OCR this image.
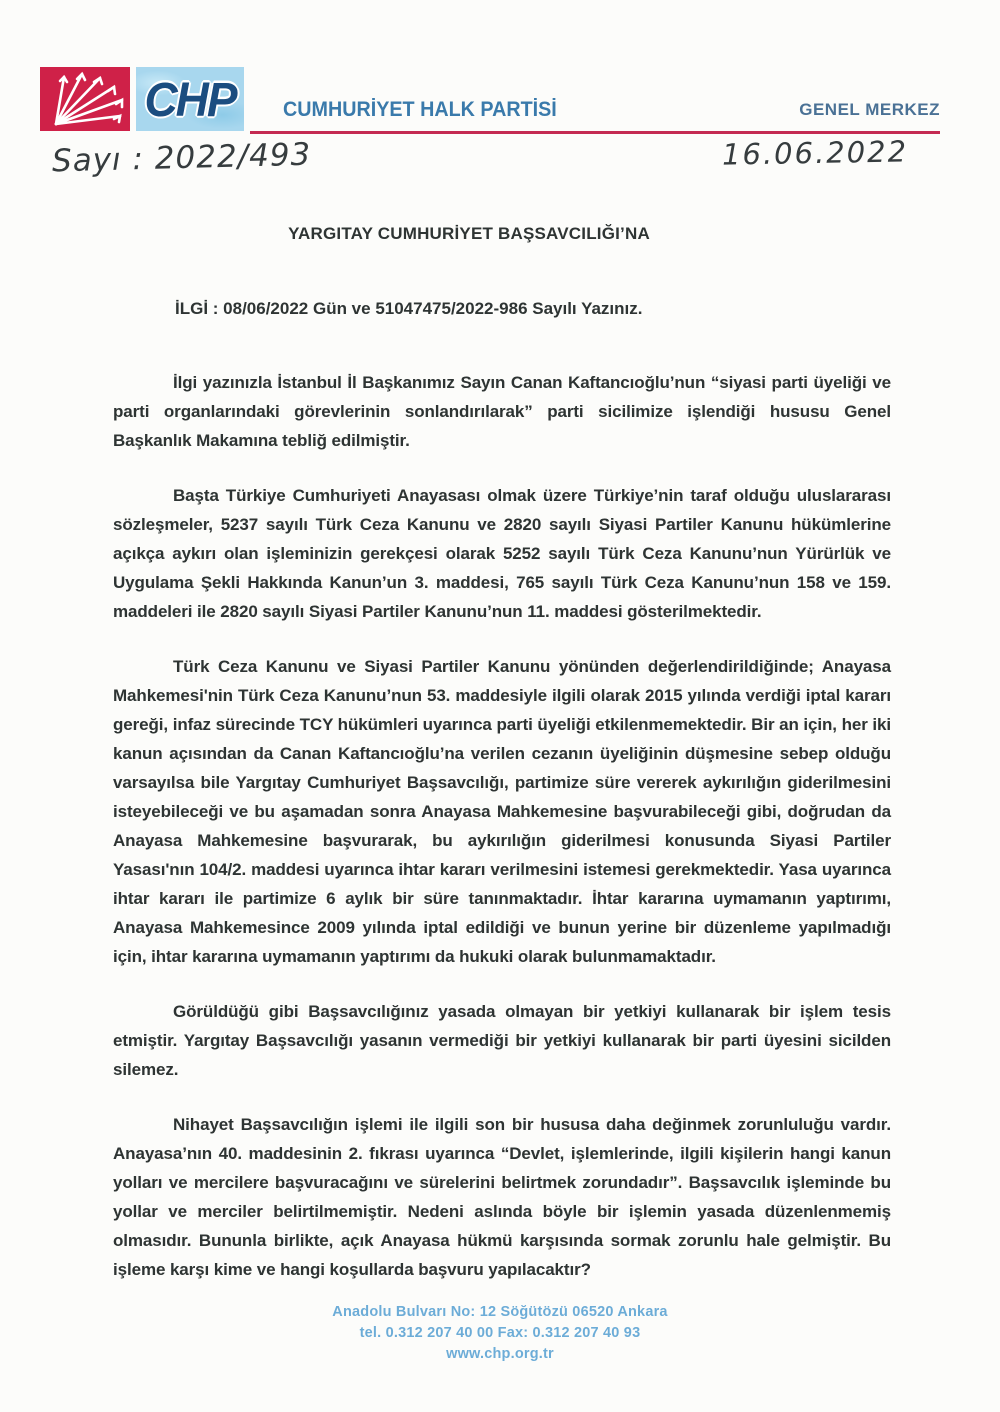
CHP CUMHURİYET HALK PARTİSİ	GENEL MERKEZ
Sayı : 2022/493	16.06.2022
YARGITAY CUMHURİYET BAŞSAVCILIĞI’NA
İLGİ : 08/06/2022 Gün ve 51047475/2022-986 Sayılı Yazınız.

İlgi yazınızla İstanbul İl Başkanımız Sayın Canan Kaftancıoğlu’nun “siyasi parti üyeliği ve parti organlarındaki görevlerinin sonlandırılarak” parti sicilimize işlendiği hususu Genel Başkanlık Makamına tebliğ edilmiştir.

Başta Türkiye Cumhuriyeti Anayasası olmak üzere Türkiye’nin taraf olduğu uluslararası sözleşmeler, 5237 sayılı Türk Ceza Kanunu ve 2820 sayılı Siyasi Partiler Kanunu hükümlerine açıkça aykırı olan işleminizin gerekçesi olarak 5252 sayılı Türk Ceza Kanunu’nun Yürürlük ve Uygulama Şekli Hakkında Kanun’un 3. maddesi, 765 sayılı Türk Ceza Kanunu’nun 158 ve 159. maddeleri ile 2820 sayılı Siyasi Partiler Kanunu’nun 11. maddesi gösterilmektedir.

Türk Ceza Kanunu ve Siyasi Partiler Kanunu yönünden değerlendirildiğinde; Anayasa Mahkemesi'nin Türk Ceza Kanunu’nun 53. maddesiyle ilgili olarak 2015 yılında verdiği iptal kararı gereği, infaz sürecinde TCY hükümleri uyarınca parti üyeliği etkilenmemektedir. Bir an için, her iki kanun açısından da Canan Kaftancıoğlu’na verilen cezanın üyeliğinin düşmesine sebep olduğu varsayılsa bile Yargıtay Cumhuriyet Başsavcılığı, partimize süre vererek aykırılığın giderilmesini isteyebileceği ve bu aşamadan sonra Anayasa Mahkemesine başvurabileceği gibi, doğrudan da Anayasa Mahkemesine başvurarak, bu aykırılığın giderilmesi konusunda Siyasi Partiler Yasası'nın 104/2. maddesi uyarınca ihtar kararı verilmesini istemesi gerekmektedir. Yasa uyarınca ihtar kararı ile partimize 6 aylık bir süre tanınmaktadır. İhtar kararına uymamanın yaptırımı, Anayasa Mahkemesince 2009 yılında iptal edildiği ve bunun yerine bir düzenleme yapılmadığı için, ihtar kararına uymamanın yaptırımı da hukuki olarak bulunmamaktadır.

Görüldüğü gibi Başsavcılığınız yasada olmayan bir yetkiyi kullanarak bir işlem tesis etmiştir. Yargıtay Başsavcılığı yasanın vermediği bir yetkiyi kullanarak bir parti üyesini sicilden silemez.

Nihayet Başsavcılığın işlemi ile ilgili son bir hususa daha değinmek zorunluluğu vardır. Anayasa’nın 40. maddesinin 2. fıkrası uyarınca “Devlet, işlemlerinde, ilgili kişilerin hangi kanun yolları ve mercilere başvuracağını ve sürelerini belirtmek zorundadır”. Başsavcılık işleminde bu yollar ve merciler belirtilmemiştir. Nedeni aslında böyle bir işlemin yasada düzenlenmemiş olmasıdır. Bununla birlikte, açık Anayasa hükmü karşısında sormak zorunlu hale gelmiştir. Bu işleme karşı kime ve hangi koşullarda başvuru yapılacaktır?

Anadolu Bulvarı No: 12 Söğütözü 06520 Ankara
tel. 0.312 207 40 00 Fax: 0.312 207 40 93
www.chp.org.tr
